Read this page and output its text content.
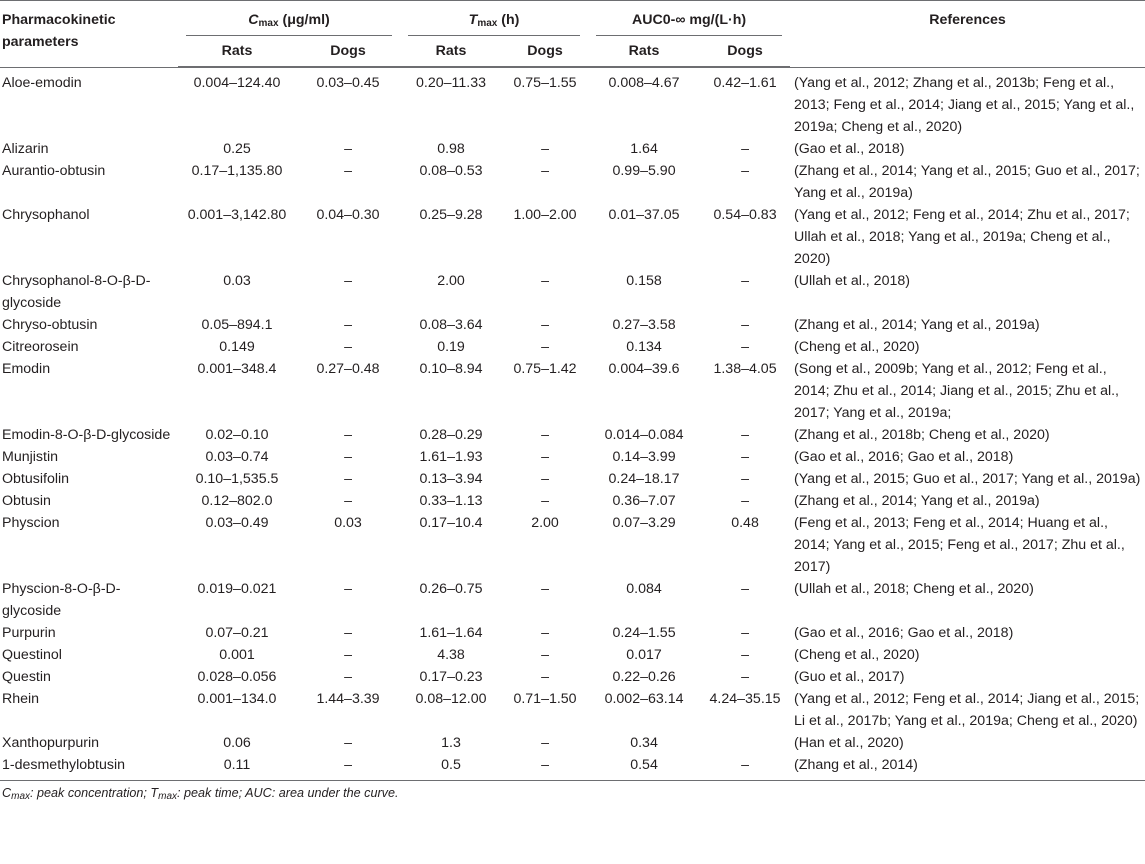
Pharmacokinetic parameters	$C_{max}$ (μg/ml)		$T_{max}$ (h)		AUC0-∞ mg/(L·h)		References
	Rats	Dogs	Rats	Dogs	Rats	Dogs	

Aloe-emodin	0.004–124.40	0.03–0.45	0.20–11.33	0.75–1.55	0.008–4.67	0.42–1.61	(Yang et al., 2012; Zhang et al., 2013b; Feng et al., 2013; Feng et al., 2014; Jiang et al., 2015; Yang et al., 2019a; Cheng et al., 2020)
Alizarin	0.25	–	0.98	–	1.64	–	(Gao et al., 2018)
Aurantio-obtusin	0.17–1,135.80	–	0.08–0.53	–	0.99–5.90	–	(Zhang et al., 2014; Yang et al., 2015; Guo et al., 2017; Yang et al., 2019a)
Chrysophanol	0.001–3,142.80	0.04–0.30	0.25–9.28	1.00–2.00	0.01–37.05	0.54–0.83	(Yang et al., 2012; Feng et al., 2014; Zhu et al., 2017; Ullah et al., 2018; Yang et al., 2019a; Cheng et al., 2020)
Chrysophanol-8-O-β-D-glycoside	0.03	–	2.00	–	0.158	–	(Ullah et al., 2018)
Chryso-obtusin	0.05–894.1	–	0.08–3.64	–	0.27–3.58	–	(Zhang et al., 2014; Yang et al., 2019a)
Citreorosein	0.149	–	0.19	–	0.134	–	(Cheng et al., 2020)
Emodin	0.001–348.4	0.27–0.48	0.10–8.94	0.75–1.42	0.004–39.6	1.38–4.05	(Song et al., 2009b; Yang et al., 2012; Feng et al., 2014; Zhu et al., 2014; Jiang et al., 2015; Zhu et al., 2017; Yang et al., 2019a;
Emodin-8-O-β-D-glycoside	0.02–0.10	–	0.28–0.29	–	0.014–0.084	–	(Zhang et al., 2018b; Cheng et al., 2020)
Munjistin	0.03–0.74	–	1.61–1.93	–	0.14–3.99	–	(Gao et al., 2016; Gao et al., 2018)
Obtusifolin	0.10–1,535.5	–	0.13–3.94	–	0.24–18.17	–	(Yang et al., 2015; Guo et al., 2017; Yang et al., 2019a)
Obtusin	0.12–802.0	–	0.33–1.13	–	0.36–7.07	–	(Zhang et al., 2014; Yang et al., 2019a)
Physcion	0.03–0.49	0.03	0.17–10.4	2.00	0.07–3.29	0.48	(Feng et al., 2013; Feng et al., 2014; Huang et al., 2014; Yang et al., 2015; Feng et al., 2017; Zhu et al., 2017)
Physcion-8-O-β-D-glycoside	0.019–0.021	–	0.26–0.75	–	0.084	–	(Ullah et al., 2018; Cheng et al., 2020)
Purpurin	0.07–0.21	–	1.61–1.64	–	0.24–1.55	–	(Gao et al., 2016; Gao et al., 2018)
Questinol	0.001	–	4.38	–	0.017	–	(Cheng et al., 2020)
Questin	0.028–0.056	–	0.17–0.23	–	0.22–0.26	–	(Guo et al., 2017)
Rhein	0.001–134.0	1.44–3.39	0.08–12.00	0.71–1.50	0.002–63.14	4.24–35.15	(Yang et al., 2012; Feng et al., 2014; Jiang et al., 2015; Li et al., 2017b; Yang et al., 2019a; Cheng et al., 2020)
Xanthopurpurin	0.06	–	1.3	–	0.34		(Han et al., 2020)
1-desmethylobtusin	0.11	–	0.5	–	0.54	–	(Zhang et al., 2014)
$C_{max}$: peak concentration; $T_{max}$: peak time; AUC: area under the curve.
